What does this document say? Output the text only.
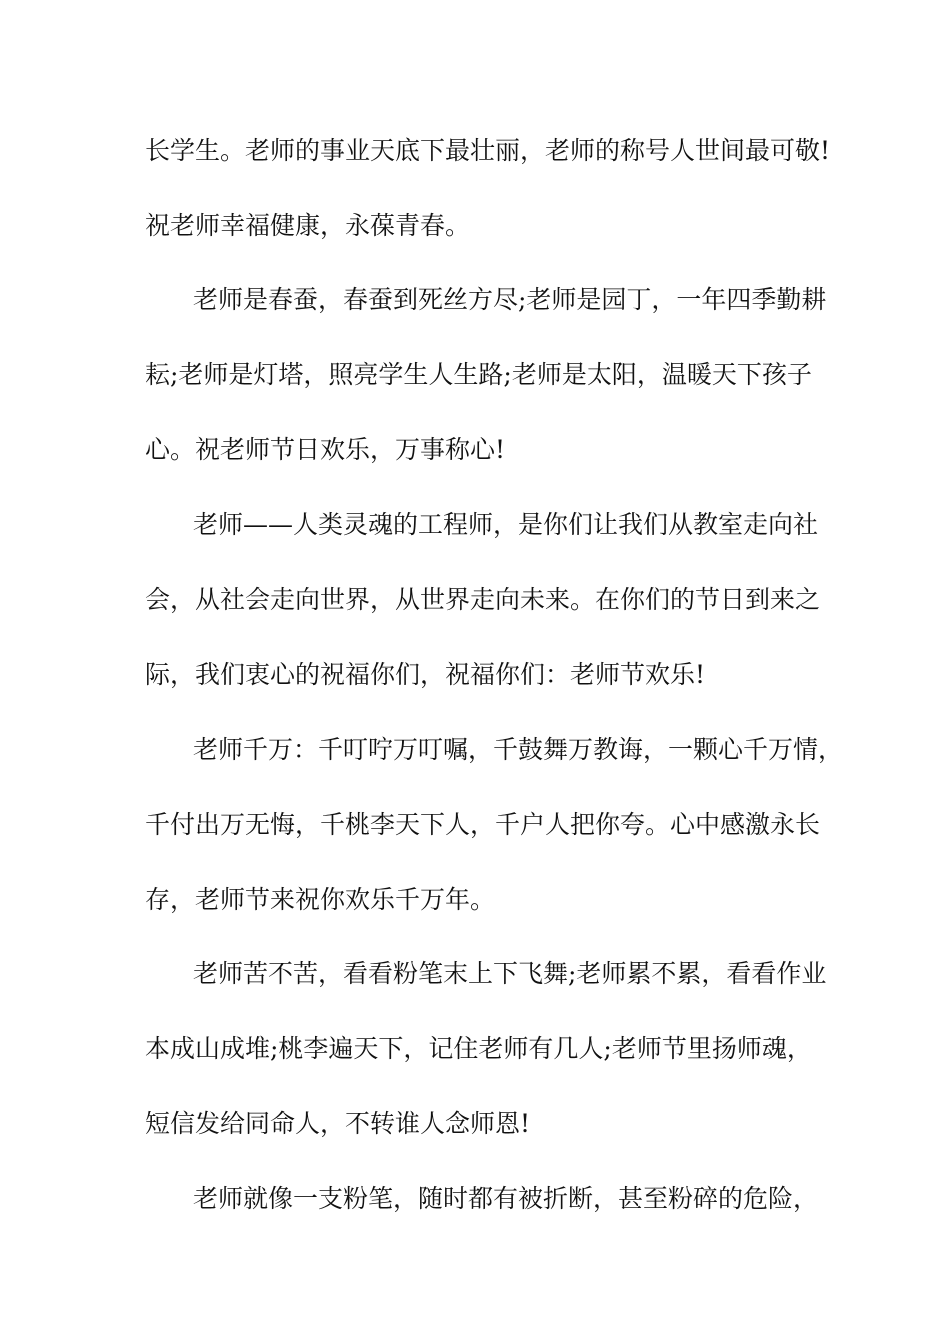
长学生。老师的事业天底下最壮丽，老师的称号人世间最可敬!
祝老师幸福健康，永葆青春。
老师是春蚕，春蚕到死丝方尽;老师是园丁，一年四季勤耕
耘;老师是灯塔，照亮学生人生路;老师是太阳，温暖天下孩子
心。祝老师节日欢乐，万事称心!
老师——人类灵魂的工程师，是你们让我们从教室走向社
会，从社会走向世界，从世界走向未来。在你们的节日到来之
际，我们衷心的祝福你们，祝福你们：老师节欢乐!
老师千万：千叮咛万叮嘱，千鼓舞万教诲，一颗心千万情，
千付出万无悔，千桃李天下人，千户人把你夸。心中感激永长
存，老师节来祝你欢乐千万年。
老师苦不苦，看看粉笔末上下飞舞;老师累不累，看看作业
本成山成堆;桃李遍天下，记住老师有几人;老师节里扬师魂，
短信发给同命人，不转谁人念师恩!
老师就像一支粉笔，随时都有被折断，甚至粉碎的危险，
